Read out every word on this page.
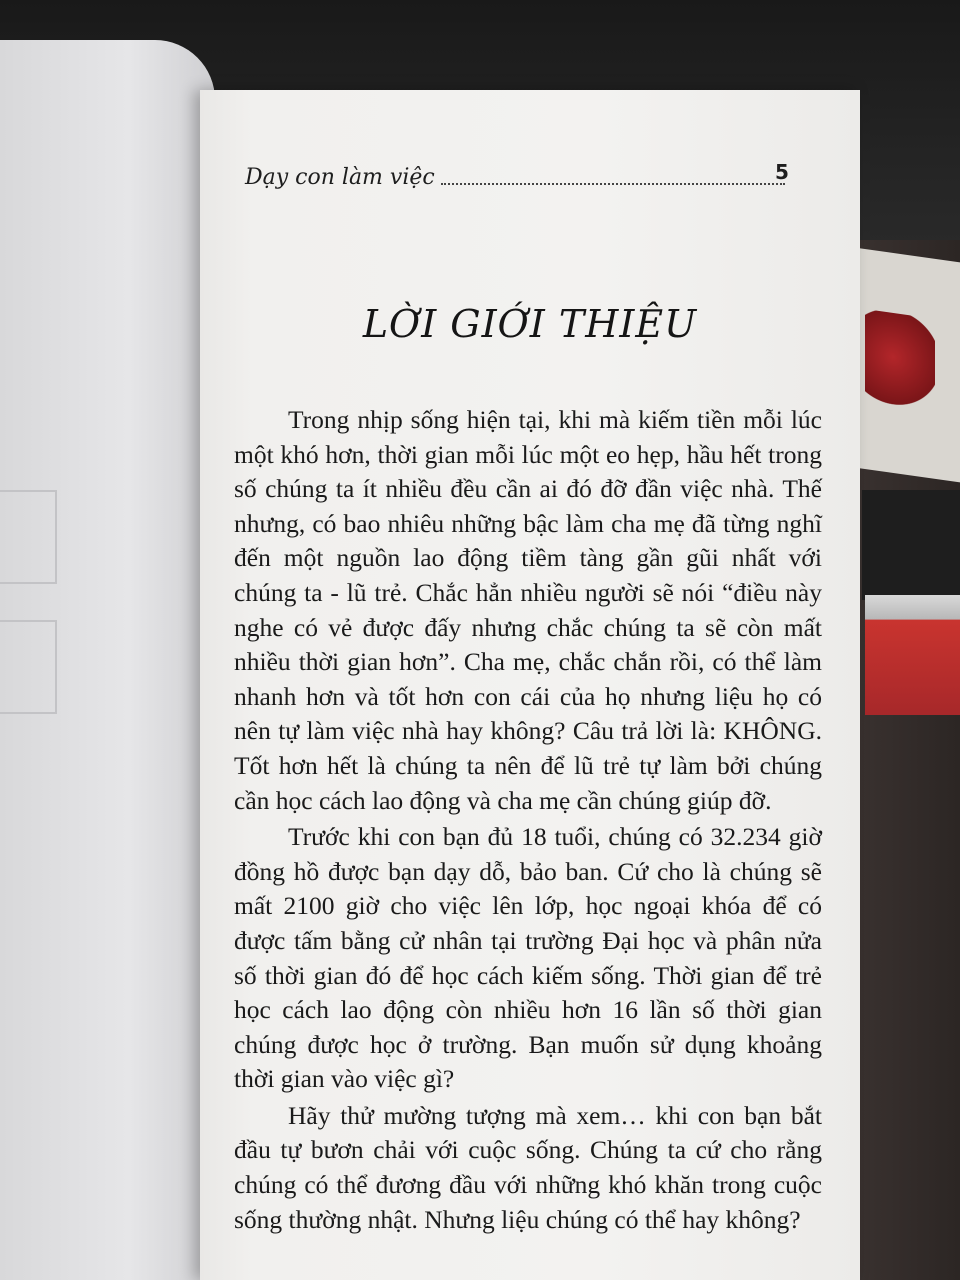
Dạy con làm việc	5
LỜI GIỚI THIỆU

Trong nhịp sống hiện tại, khi mà kiếm tiền mỗi lúc một khó hơn, thời gian mỗi lúc một eo hẹp, hầu hết trong số chúng ta ít nhiều đều cần ai đó đỡ đần việc nhà. Thế nhưng, có bao nhiêu những bậc làm cha mẹ đã từng nghĩ đến một nguồn lao động tiềm tàng gần gũi nhất với chúng ta - lũ trẻ. Chắc hẳn nhiều người sẽ nói “điều này nghe có vẻ được đấy nhưng chắc chúng ta sẽ còn mất nhiều thời gian hơn”. Cha mẹ, chắc chắn rồi, có thể làm nhanh hơn và tốt hơn con cái của họ nhưng liệu họ có nên tự làm việc nhà hay không? Câu trả lời là: KHÔNG. Tốt hơn hết là chúng ta nên để lũ trẻ tự làm bởi chúng cần học cách lao động và cha mẹ cần chúng giúp đỡ.

Trước khi con bạn đủ 18 tuổi, chúng có 32.234 giờ đồng hồ được bạn dạy dỗ, bảo ban. Cứ cho là chúng sẽ mất 2100 giờ cho việc lên lớp, học ngoại khóa để có được tấm bằng cử nhân tại trường Đại học và phân nửa số thời gian đó để học cách kiếm sống. Thời gian để trẻ học cách lao động còn nhiều hơn 16 lần số thời gian chúng được học ở trường. Bạn muốn sử dụng khoảng thời gian vào việc gì?

Hãy thử mường tượng mà xem… khi con bạn bắt đầu tự bươn chải với cuộc sống. Chúng ta cứ cho rằng chúng có thể đương đầu với những khó khăn trong cuộc sống thường nhật. Nhưng liệu chúng có thể hay không?
